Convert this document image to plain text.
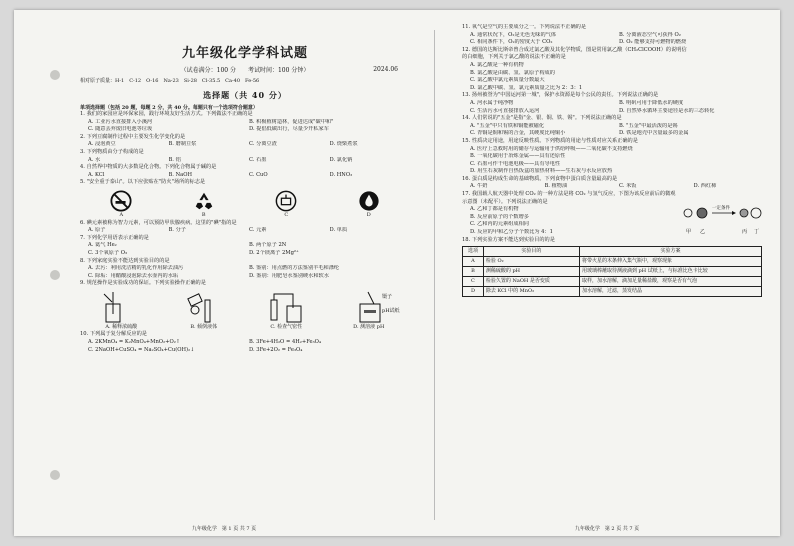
九年级化学学科试题
2024.06
（试卷满分：100 分　　考试时间：100 分钟）
相对原子质量：H-1　C-12　O-16　Na-23　Si-28　Cl-35.5　Ca-40　Fe-56
选择题（共 40 分）
单项选择题（包括 20 题，每题 2 分，共 40 分。每题只有一个选项符合题意）
1. 我们的家园应是环保家园，践行环境友好生活方式。下列做法不正确的是
A. 工业污水直接排入小溪河	B. 积极植树造林，促进达成"碳中和"
C. 随意丢弃废旧电池等垃圾	D. 提倡低碳出行，尽量少开私家车
2. 下列豆腐制作过程中主要发生化学变化的是
A. 浸泡黄豆	B. 磨制豆浆	C. 分离豆渣	D. 烧柴煮浆
3. 下列物质由分子构成的是
A. 水	B. 铝	C. 石墨	D. 氯化钠
4. 自然界中物质的大多数是化合物。下列化合物属于碱的是
A. KCl	B. NaOH	C. CuO	D. HNO₃
5. "安全重于泰山"。以下应张贴在"防火"场所的标志是
A	B	C	D
6. 碘元素被称为智力元素，可以预防甲状腺疾病。这里的"碘"指的是
A. 原子	B. 分子	C. 元素	D. 单质
7. 下列化学用语表示正确的是
A. 氦气 He₂	B. 两个原子 2N
C. 3个氧原子 O₃	D. 2个镁离子 2Mg²⁺
8. 下列家庭实验不能达到实验目的的是
A. 去污：利用洗洁精的乳化作用除去油污	B. 鉴别：用点燃的方法鉴别羊毛和涤纶
C. 除垢：用醋酸浸泡除去水壶内的水垢	D. 鉴别：用肥皂水鉴别硬水和软水
9. 规范操作是实验成功的保证。下列实验操作正确的是
镊子
pH试纸
A. 稀释浓硫酸	B. 倾倒液体	C. 检查气密性	D. 测溶液 pH
10. 下列属于复分解反应的是
A. 2KMnO₄ = K₂MnO₄+MnO₂+O₂↑	B. 3Fe+4H₂O = 4H₂+Fe₃O₄
C. 2NaOH+CuSO₄ = Na₂SO₄+Cu(OH)₂↓	D. 3Fe+2O₂ = Fe₃O₄
11. 氧气是空气的主要成分之一。下列说法不正确的是
A. 通常状况下，O₂是无色无味的气体	B. 分离液态空气可获得 O₂
C. 相同条件下，O₂的密度大于 CO₂	D. O₂ 能够支持可燃物的燃烧
12. 德国的达斯比斯帝曾合成过氯乙酸及其化学物质，图是常用氯乙酸（CH₂ClCOOH）的说明信
的白细胞，下列关于氯乙酸的说法不正确的是
A. 氯乙酸是一种有机物
B. 氯乙酸是由碳、氢、氯原子构成的
C. 氯乙酸中氯元素质量分数最大
D. 氯乙酸中碳、氢、氯元素质量之比为 2：3：1
13. 扬州被誉为"中国运河第一城"，保护水资源是每个公民的责任。下列说法正确的是
A. 河水属于纯净物	B. 明矾可用于降低水的硬度
C. 生活污水可直接排放入运河	D. 自然界水循环主要途径是水的三态转化
14. 人们常说的"五金"是指"金、银、铜、铁、锡"。下列说法正确的是
A. "五金"中只有铁和铜能被磁化	B. "五金"中最活泼的是锡
C. 青铜是铜和锡的合金，其硬度比纯铜小	D. 铁是地壳中含量最多的金属
15. 性质决定用途，用途反映性质。下列物质的用途与性质对应关系正确的是
A. 医疗上急救时用的储存与运输用于供给呼吸——二氧化碳不支持燃烧
B. 一氧化碳用于冶炼金属——具有还原性
C. 石墨可作干电池电极——具有导电性
D. 用生石灰制作自热饭盒的加热材料——生石灰与水反应放热
16. 蛋白质是构成生命的基础物质。下列食物中蛋白质含量最高的是
A. 牛奶	B. 植物油	C. 米饭	D. 西红柿
17. 我国载人航天器中处理 CO₂ 的一种方法是将 CO₂ 与氢气反应，下图为该反应前后的微观
示意图（未配平）。下列说法正确的是
A. 乙和丁都是有机物
B. 反应前原子的个数增多
C. 乙和丙的元素组成相同
D. 反应的甲和乙分子个数比为 4：1	甲 乙
一定条件
丙 丁
18. 下列实验方案不能达到实验目的的是
选项	实验目的	实验方案
A	检验 O₂	将带火星的木条伸入集气瓶中，观察现象
B	测稀硫酸的 pH	用玻璃棒蘸取待测液滴到 pH 试纸上，与标准比色卡比较
C	检验久置的 NaOH 是否变质	取样，加水溶解，滴加足量稀盐酸，观察是否有气泡
D	除去 KCl 中的 MnO₂	加水溶解，过滤，蒸发结晶
九年级化学　第 1 页 共 7 页	九年级化学　第 2 页 共 7 页
